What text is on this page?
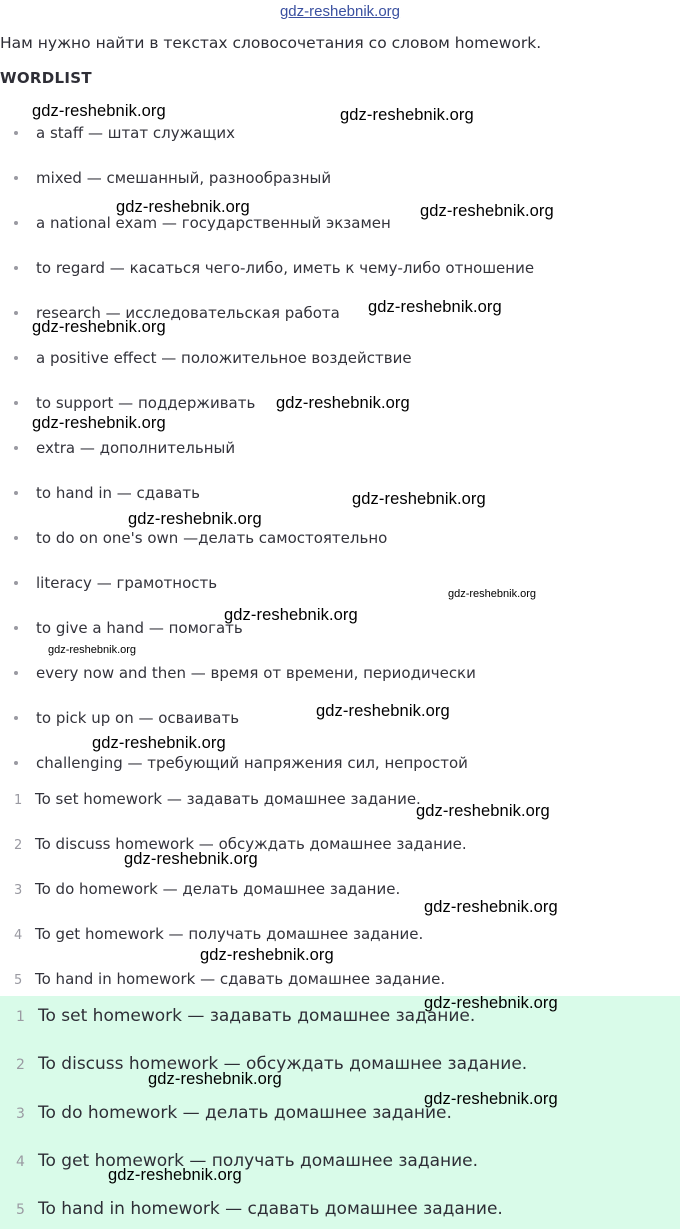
gdz-reshebnik.org
Нам нужно найти в текстах словосочетания со словом homework.
WORDLIST
a staff — штат служащих
mixed — смешанный, разнообразный
a national exam — государственный экзамен
to regard — касаться чего-либо, иметь к чему-либо отношение
research — исследовательская работа
a positive effect — положительное воздействие
to support — поддерживать
extra — дополнительный
to hand in — сдавать
to do on one's own —делать самостоятельно
literacy — грамотность
to give a hand — помогать
every now and then — время от времени, периодически
to pick up on — осваивать
challenging — требующий напряжения сил, непростой
1 To set homework — задавать домашнее задание.
2 To discuss homework — обсуждать домашнее задание.
3 To do homework — делать домашнее задание.
4 To get homework — получать домашнее задание.
5 To hand in homework — сдавать домашнее задание.
1 To set homework — задавать домашнее задание.
2 To discuss homework — обсуждать домашнее задание.
3 To do homework — делать домашнее задание.
4 To get homework — получать домашнее задание.
5 To hand in homework — сдавать домашнее задание.
gdz-reshebnik.org	gdz-reshebnik.org
gdz-reshebnik.org	gdz-reshebnik.org
gdz-reshebnik.org
gdz-reshebnik.org
gdz-reshebnik.org
gdz-reshebnik.org
gdz-reshebnik.org
gdz-reshebnik.org
gdz-reshebnik.org
gdz-reshebnik.org
gdz-reshebnik.org
gdz-reshebnik.org
gdz-reshebnik.org
gdz-reshebnik.org
gdz-reshebnik.org
gdz-reshebnik.org
gdz-reshebnik.org
gdz-reshebnik.org
gdz-reshebnik.org
gdz-reshebnik.org
gdz-reshebnik.org
